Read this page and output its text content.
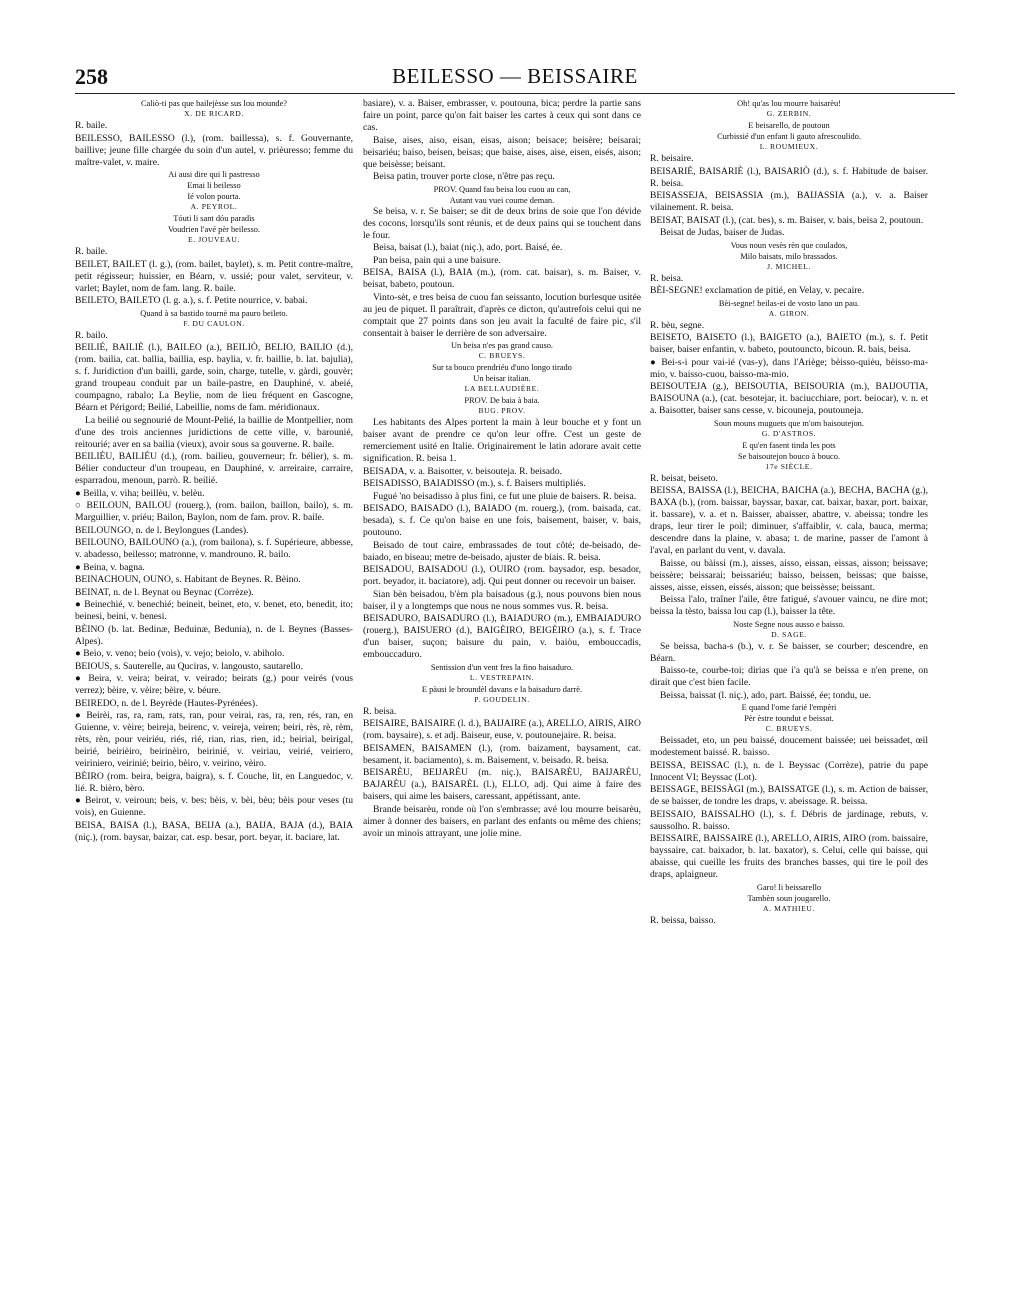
258	BEILESSO — BEISSAIRE

Caliò-ti pas que bailejèsse sus lou mounde?

X. DE RICARD.

R. baile.

BEILESSO, BAILESSO (l.), (rom. baillessa), s. f. Gouvernante, baillive; jeune fille chargée du soin d'un autel, v. prièuresso; femme du maître-valet, v. maire.

Ai ausi dire qui li pastresso

Emai li beilesso

Ié volon pourta.

A. PEYROL.

Tóuti li sant dóu paradis

Voudrien l'avé pèr beilesso.

E. JOUVEAU.

R. baile.

BEILET, BAILET (l. g.), (rom. bailet, baylet), s. m. Petit contre-maître, petit régisseur; huissier, en Béarn, v. ussié; pour valet, serviteur, v. varlet; Baylet, nom de fam. lang. R. baile.

BEILETO, BAILETO (l. g. a.), s. f. Petite nourrice, v. babai.

Quand à sa bastido tournè ma pauro beileto.

F. DU CAULON.

R. bailo.

BEILIÉ, BAILIÈ (l.), BAILEO (a.), BEILIÒ, BELIO, BAILIO (d.), (rom. bailia, cat. ballia, baillia, esp. baylia, v. fr. baillie, b. lat. bajulia), s. f. Juridiction d'un bailli, garde, soin, charge, tutelle, v. gàrdi, gouvèr; grand troupeau conduit par un baile-pastre, en Dauphiné, v. abeié, coumpagno, rabalo; La Beylie, nom de lieu fréquent en Gascogne, Béarn et Périgord; Beilié, Labeillie, noms de fam. méridionaux.

La beilié ou segnourié de Mount-Pelié, la baillie de Montpellier, nom d'une des trois anciennes juridictions de cette ville, v. barounié, reitourié; aver en sa bailia (vieux), avoir sous sa gouverne. R. baile.

BEILIÉU, BAILIÉU (d.), (rom. bailieu, gouverneur; fr. bélier), s. m. Bélier conducteur d'un troupeau, en Dauphiné, v. arreiraire, carraire, esparradou, menoun, parrò. R. beilié.

● Beilla, v. viha; beillèu, v. belèu.

○ BEILOUN, BAILOU (rouerg.), (rom. bailon, baillon, bailo), s. m. Marguillier, v. priéu; Bailon, Baylon, nom de fam. prov. R. baile.

BEILOUNGO, n. de l. Beylongues (Landes).

BEILOUNO, BAILOUNO (a.), (rom bailona), s. f. Supérieure, abbesse, v. abadesso, beilesso; matronne, v. mandrouno. R. bailo.

● Beina, v. bagna.

BEINACHOUN, OUNO, s. Habitant de Beynes. R. Bèino.

BEINAT, n. de l. Beynat ou Beynac (Corrèze).

● Beinechié, v. benechié; beineit, beinet, eto, v. benet, eto, benedit, ito; beinesi, beini, v. benesi.

BÈINO (b. lat. Bedinæ, Beduinæ, Beduniа), n. de l. Beynes (Basses-Alpes).

● Beio, v. veno; beio (vois), v. vejo; beiolo, v. abiholo.

BEIOUS, s. Sauterelle, au Quciras, v. langousto, sautarello.

● Beira, v. veira; beirat, v. veirado; beirats (g.) pour veirés (vous verrez); bèire, v. vèire; bèire, v. béure.

BEIREDO, n. de l. Beyrède (Hautes-Pyrénées).

● Beirèi, ras, ra, ram, rats, ran, pour veirai, ras, ra, ren, rés, ran, en Guienne, v. vèire; beireja, beirenc, v. veireja, veiren; beiri, rès, rè, rèm, rèts, rèn, pour veiriéu, riés, rié, rian, rias, rien, id.; beirial, beirigal, beirié, beirièiro, beirinèiro, beirinié, v. veiriau, veirié, veiriero, veiriniero, veirinié; beirio, bèiro, v. veirino, vèiro.

BÈIRO (rom. beira, beigra, baigra), s. f. Couche, lit, en Languedoc, v. lié. R. bièro, bèro.

● Beirot, v. veiroun; beis, v. bes; bèis, v. bèi, bèu; bèis pour veses (tu vois), en Guienne.

BEISA, BAISA (l.), BASA, BEIJA (a.), BAIJA, BAJA (d.), BAIA (niç.), (rom. baysar, baizar, cat. esp. besar, port. beyar, it. baciare, lat.

basiare), v. a. Baiser, embrasser, v. poutouna, bica; perdre la partie sans faire un point, parce qu'on fait baiser les cartes à ceux qui sont dans ce cas.

Baise, aises, aiso, eisan, eisas, aison; beisace; beisère; beisarai; beisariéu; baiso, beisen, beisas; que baise, aises, aise, eisen, eisés, aison; que beisèsse; beisant.

Beisa patin, trouver porte close, n'être pas reçu.

PROV. Quand fau beisa lou cuou au can,

Autant vau vuei coume deman.

Se beisa, v. r. Se baiser; se dit de deux brins de soie que l'on dévide des cocons, lorsqu'ils sont réunis, et de deux pains qui se touchent dans le four.

Beisa, baisat (l.), baiat (niç.), ado, port. Baisé, ée.

Pan beisa, pain qui a une baisure.

BEISA, BAISA (l.), BAIA (m.), (rom. cat. baisar), s. m. Baiser, v. beisat, babeto, poutoun.

Vinto-sèt, e tres beisa de cuou fan seissanto, locution burlesque usitée au jeu de piquet. Il paraîtrait, d'après ce dicton, qu'autrefois celui qui ne comptait que 27 points dans son jeu avait la faculté de faire pic, s'il consentait à baiser le derrière de son adversaire.

Un beisa n'es pas grand causo.

C. BRUEYS.

Sur ta bouco prendriéu d'uno longo tirado

Un beisar italian.

LA BELLAUDIÈRE.

PROV. De baia à baia.

BUG. PROV.

Les habitants des Alpes portent la main à leur bouche et y font un baiser avant de prendre ce qu'on leur offre. C'est un geste de remerciement usité en Italie. Originairement le latin adorare avait cette signification. R. beisa 1.

BEISADA, v. a. Baisotter, v. beisouteja. R. beisado.

BEISADISSO, BAIADISSO (m.), s. f. Baisers multipliés.

Fugué 'no beisadisso à plus fini, ce fut une pluie de baisers. R. beisa.

BEISADO, BAISADO (l.), BAIADO (m. rouerg.), (rom. baisada, cat. besada), s. f. Ce qu'on baise en une fois, baisement, baiser, v. bais, poutouno.

Beisado de tout caire, embrassades de tout côté; de-beisado, de-baiado, en biseau; metre de-beisado, ajuster de biais. R. beisa.

BEISADOU, BAISADOU (l.), OUIRO (rom. baysador, esp. besador, port. beyador, it. baciatore), adj. Qui peut donner ou recevoir un baiser.

Sian bèn beisadou, b'èm pla baisadous (g.), nous pouvons bien nous baiser, il y a longtemps que nous ne nous sommes vus. R. beisa.

BEISADURO, BAISADURO (l.), BAIADURO (m.), EMBAIADURO (rouerg.), BAISUERO (d.), BAIGÈIRO, BEIGÈIRO (a.), s. f. Trace d'un baiser, suçon; baisure du pain, v. baiòu, embouccadis, embouccaduro.

Sentission d'un vent fres la fino baisaduro.

L. VESTREPAIN.

E pàusi le broundèl davans e la baisaduro darrè.

P. GOUDELIN.

R. beisa.

BEISAIRE, BAISAIRE (l. d.), BAIJAIRE (a.), ARELLO, AIRIS, AIRO (rom. baysaire), s. et adj. Baiseur, euse, v. poutounejaire. R. beisa.

BEISAMEN, BAISAMEN (l.), (rom. baizament, baysament, cat. besament, it. baciamento), s. m. Baisement, v. beisado. R. beisa.

BEISARÈU, BEIJARÈU (m. niç.), BAISARÈU, BAIJARÈU, BAJARÈU (a.), BAISARÈL (l.), ELLO, adj. Qui aime à faire des baisers, qui aime les baisers, caressant, appétissant, ante.

Brande beisarèu, ronde où l'on s'embrasse; avé lou mourre beisarèu, aimer à donner des baisers, en parlant des enfants ou même des chiens; avoir un minois attrayant, une jolie mine.

Oh! qu'as lou mourre baisarèu!

G. ZERBIN.

E beisarello, de poutoun

Curbissié d'un enfant li gauto afrescoulido.

L. ROUMIEUX.

R. beisaire.

BEISARIÉ, BAISARIÈ (l.), BAISARIÒ (d.), s. f. Habitude de baiser. R. beisa.

BEISASSEJA, BEISASSIA (m.), BAIJASSIA (a.), v. a. Baiser vilainement. R. beisa.

BEISAT, BAISAT (l.), (cat. bes), s. m. Baiser, v. bais, beisa 2, poutoun.

Beisat de Judas, baiser de Judas.

Vous noun vesès rèn que coulados,

Milo baisats, milo brassados.

J. MICHEL.

R. beisa.

BÈI-SEGNE! exclamation de pitié, en Velay, v. pecaire.

Bèi-segne! beilas-ei de vosto lano un pau.

A. GIRON.

R. bèu, segne.

BEISETO, BAISETO (l.), BAIGETO (a.), BAIETO (m.), s. f. Petit baiser, baiser enfantin, v. babeto, poutouncto, bicoun. R. bais, beisa.

● Bei-s-i pour vai-ié (vas-y), dans l'Ariège; bèisso-quièu, bèisso-ma-mio, v. baisso-cuou, baisso-ma-mio.

BEISOUTEJA (g.), BEISOUTIA, BEISOURIA (m.), BAIJOUTIA, BAISOUNA (a.), (cat. besotejar, it. baciucchiare, port. beiocar), v. n. et a. Baisotter, baiser sans cesse, v. bicouneja, poutouneja.

Soun mouns muguets que m'om baisoutejon.

G. D'ASTROS.

E qu'en fasent tinda les pots

Se baisoutejon bouco à bouco.

17e SIÈCLE.

R. beisat, beiseto.

BEISSA, BAISSA (l.), BEICHA, BAICHA (a.), BECHA, BACHA (g.), BAXA (b.), (rom. baissar, bayssar, baxar, cat. baixar, baxar, port. baixar, it. bassare), v. a. et n. Baisser, abaisser, abattre, v. abeissa; tondre les draps, leur tirer le poil; diminuer, s'affaiblir, v. cala, bauca, merma; descendre dans la plaine, v. abasa; t. de marine, passer de l'amont à l'aval, en parlant du vent, v. davala.

Baisse, ou bàissi (m.), aisses, aisso, eissan, eissas, aisson; beissave; beissère; beissarai; beissariéu; baisso, beissen, beissas; que baisse, aisses, aisse, eissen, eissés, aisson; que beissèsse; beissant.

Beissa l'alo, traîner l'aile, être fatigué, s'avouer vaincu, ne dire mot; beissa la tèsto, baissa lou cap (l.), baisser la tête.

Noste Segne nous ausso e baisso.

D. SAGE.

Se beissa, bacha-s (b.), v. r. Se baisser, se courber; descendre, en Béarn.

Baisso-te, courbe-toi; dirias que i'a qu'à se beissa e n'en prene, on dirait que c'est bien facile.

Beissa, baissat (l. niç.), ado, part. Baissé, ée; tondu, ue.

E quand l'ome farié l'empèri

Pèr èstre toundut e beissat.

C. BRUEYS.

Beissadet, eto, un peu baissé, doucement baissée; uei beissadet, œil modestement baissé. R. baisso.

BEISSA, BEISSAC (l.), n. de l. Beyssac (Corrèze), patrie du pape Innocent VI; Beyssac (Lot).

BEISSAGE, BEISSÀGI (m.), BAISSATGE (l.), s. m. Action de baisser, de se baisser, de tondre les draps, v. abeissage. R. beissa.

BEISSAIO, BAISSALHO (l.), s. f. Débris de jardinage, rebuts, v. saussolho. R. baisso.

BEISSAIRE, BAISSAIRE (l.), ARELLO, AIRIS, AIRO (rom. baissaire, bayssaire, cat. baixador, b. lat. baxator), s. Celui, celle qui baisse, qui abaisse, qui cueille les fruits des branches basses, qui tire le poil des draps, aplaigneur.

Garo! li beissarello

Tambèn soun jougarello.

A. MATHIEU.

R. beissa, baisso.
